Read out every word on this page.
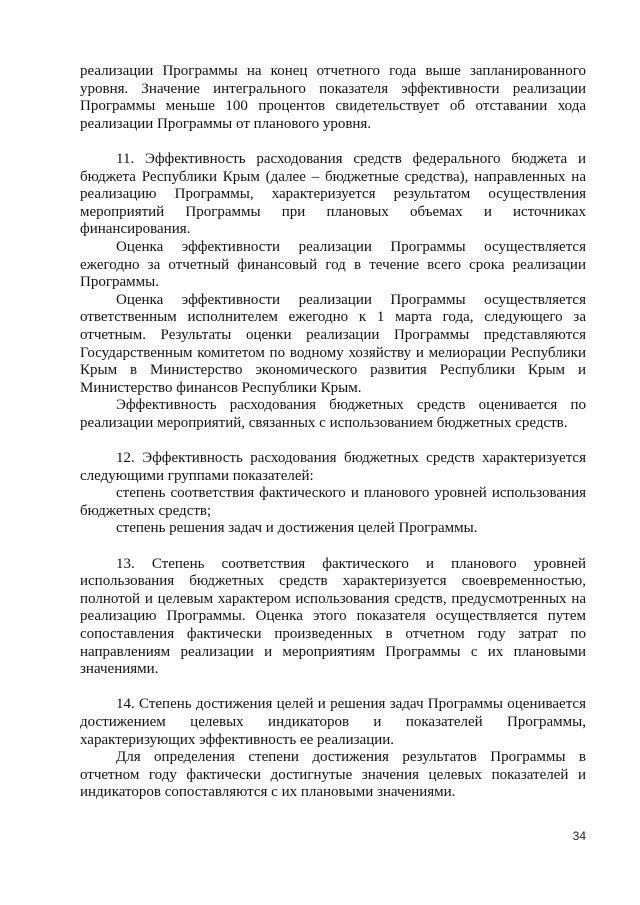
реализации Программы на конец отчетного года выше запланированного уровня. Значение интегрального показателя эффективности реализации Программы меньше 100 процентов свидетельствует об отставании хода реализации Программы от планового уровня.

11. Эффективность расходования средств федерального бюджета и бюджета Республики Крым (далее – бюджетные средства), направленных на реализацию Программы, характеризуется результатом осуществления мероприятий Программы при плановых объемах и источниках финансирования.

Оценка эффективности реализации Программы осуществляется ежегодно за отчетный финансовый год в течение всего срока реализации Программы.

Оценка эффективности реализации Программы осуществляется ответственным исполнителем ежегодно к 1 марта года, следующего за отчетным. Результаты оценки реализации Программы представляются Государственным комитетом по водному хозяйству и мелиорации Республики Крым в Министерство экономического развития Республики Крым и Министерство финансов Республики Крым.

Эффективность расходования бюджетных средств оценивается по реализации мероприятий, связанных с использованием бюджетных средств.

12. Эффективность расходования бюджетных средств характеризуется следующими группами показателей:

степень соответствия фактического и планового уровней использования бюджетных средств;

степень решения задач и достижения целей Программы.

13. Степень соответствия фактического и планового уровней использования бюджетных средств характеризуется своевременностью, полнотой и целевым характером использования средств, предусмотренных на реализацию Программы. Оценка этого показателя осуществляется путем сопоставления фактически произведенных в отчетном году затрат по направлениям реализации и мероприятиям Программы с их плановыми значениями.

14. Степень достижения целей и решения задач Программы оценивается достижением целевых индикаторов и показателей Программы, характеризующих эффективность ее реализации.

Для определения степени достижения результатов Программы в отчетном году фактически достигнутые значения целевых показателей и индикаторов сопоставляются с их плановыми значениями.

34
